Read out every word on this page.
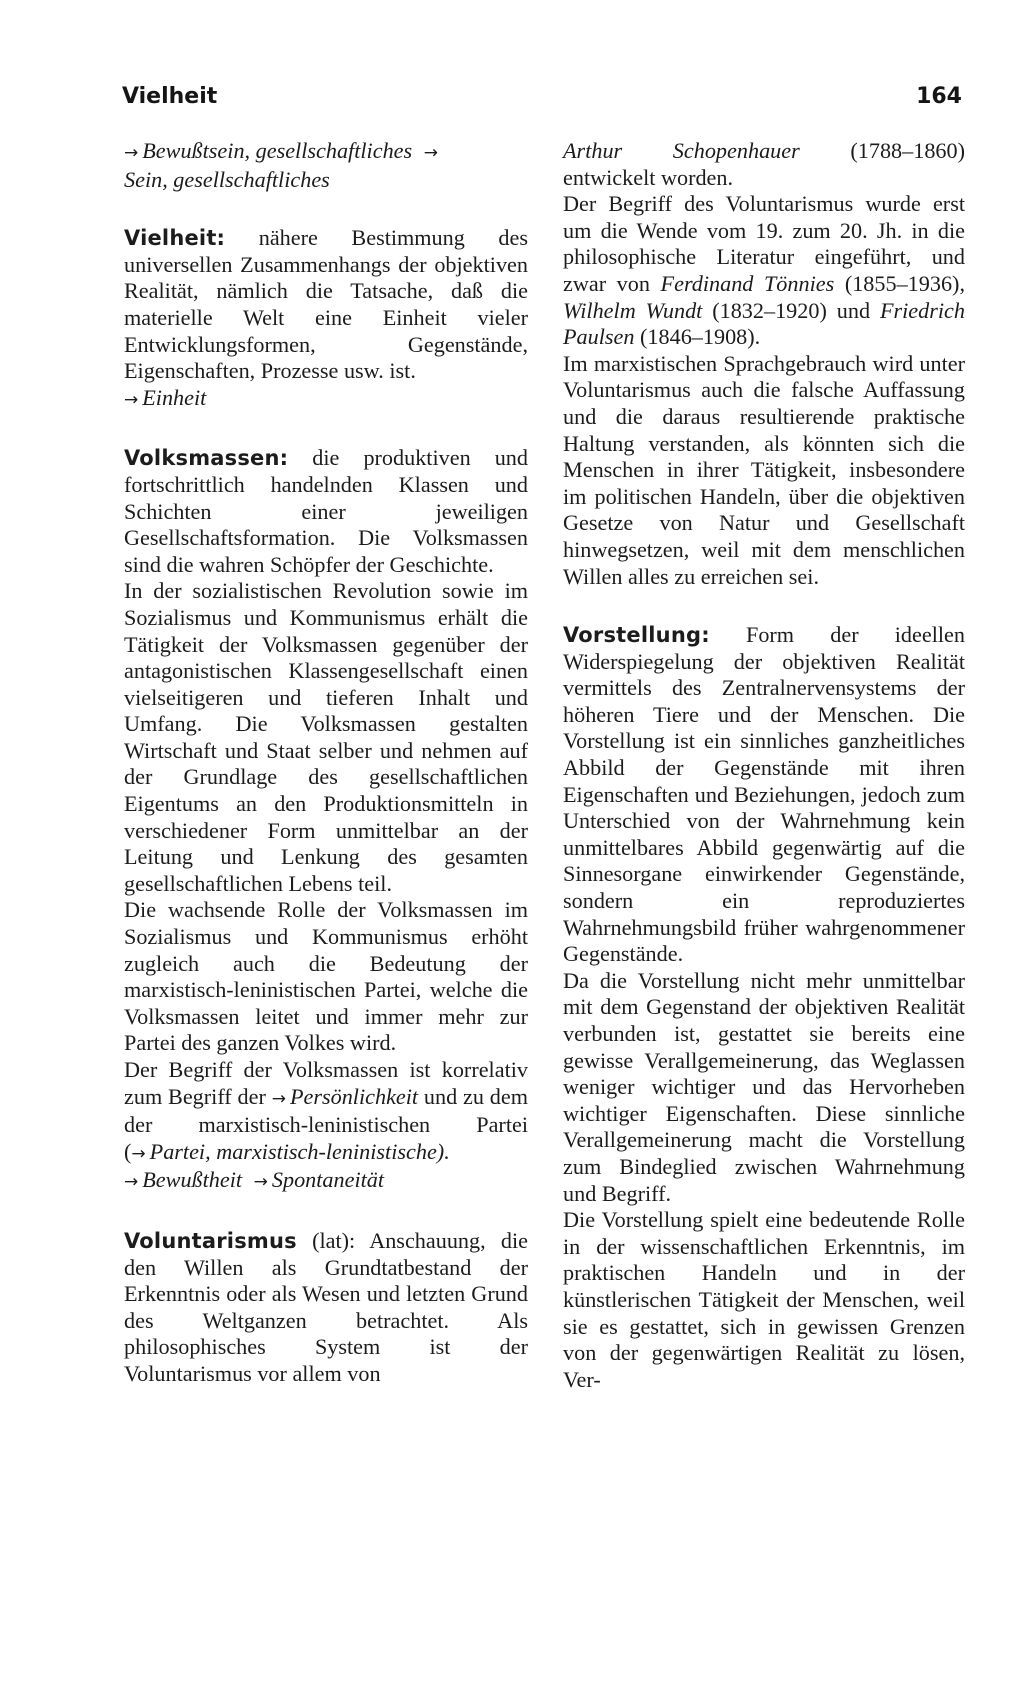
Vielheit	164

→ Bewußtsein, gesellschaftliches →
Sein, gesellschaftliches

Vielheit: nähere Bestimmung des universellen Zusammenhangs der objektiven Realität, nämlich die Tatsache, daß die materielle Welt eine Einheit vieler Entwicklungsformen, Gegenstände, Eigenschaften, Prozesse usw. ist.

→ Einheit

Volksmassen: die produktiven und fortschrittlich handelnden Klassen und Schichten einer jeweiligen Gesellschaftsformation. Die Volksmassen sind die wahren Schöpfer der Geschichte.

In der sozialistischen Revolution sowie im Sozialismus und Kommunismus erhält die Tätigkeit der Volksmassen gegenüber der antagonistischen Klassengesellschaft einen vielseitigeren und tieferen Inhalt und Umfang. Die Volksmassen gestalten Wirtschaft und Staat selber und nehmen auf der Grundlage des gesellschaftlichen Eigentums an den Produktionsmitteln in verschiedener Form unmittelbar an der Leitung und Lenkung des gesamten gesellschaftlichen Lebens teil.

Die wachsende Rolle der Volksmassen im Sozialismus und Kommunismus erhöht zugleich auch die Bedeutung der marxistisch-leninistischen Partei, welche die Volksmassen leitet und immer mehr zur Partei des ganzen Volkes wird.

Der Begriff der Volksmassen ist korrelativ zum Begriff der → Persönlichkeit und zu dem der marxistisch-leninistischen Partei (→ Partei, marxistisch-leninistische).

→ Bewußtheit → Spontaneität

Voluntarismus (lat): Anschauung, die den Willen als Grundtatbestand der Erkenntnis oder als Wesen und letzten Grund des Weltganzen betrachtet. Als philosophisches System ist der Voluntarismus vor allem von

Arthur Schopenhauer (1788–1860) entwickelt worden.

Der Begriff des Voluntarismus wurde erst um die Wende vom 19. zum 20. Jh. in die philosophische Literatur eingeführt, und zwar von Ferdinand Tönnies (1855–1936), Wilhelm Wundt (1832–1920) und Friedrich Paulsen (1846–1908).

Im marxistischen Sprachgebrauch wird unter Voluntarismus auch die falsche Auffassung und die daraus resultierende praktische Haltung verstanden, als könnten sich die Menschen in ihrer Tätigkeit, insbesondere im politischen Handeln, über die objektiven Gesetze von Natur und Gesellschaft hinwegsetzen, weil mit dem menschlichen Willen alles zu erreichen sei.

Vorstellung: Form der ideellen Widerspiegelung der objektiven Realität vermittels des Zentralnervensystems der höheren Tiere und der Menschen. Die Vorstellung ist ein sinnliches ganzheitliches Abbild der Gegenstände mit ihren Eigenschaften und Beziehungen, jedoch zum Unterschied von der Wahrnehmung kein unmittelbares Abbild gegenwärtig auf die Sinnesorgane einwirkender Gegenstände, sondern ein reproduziertes Wahrnehmungsbild früher wahrgenommener Gegenstände.

Da die Vorstellung nicht mehr unmittelbar mit dem Gegenstand der objektiven Realität verbunden ist, gestattet sie bereits eine gewisse Verallgemeinerung, das Weglassen weniger wichtiger und das Hervorheben wichtiger Eigenschaften. Diese sinnliche Verallgemeinerung macht die Vorstellung zum Bindeglied zwischen Wahrnehmung und Begriff.

Die Vorstellung spielt eine bedeutende Rolle in der wissenschaftlichen Erkenntnis, im praktischen Handeln und in der künstlerischen Tätigkeit der Menschen, weil sie es gestattet, sich in gewissen Grenzen von der gegenwärtigen Realität zu lösen, Ver-
